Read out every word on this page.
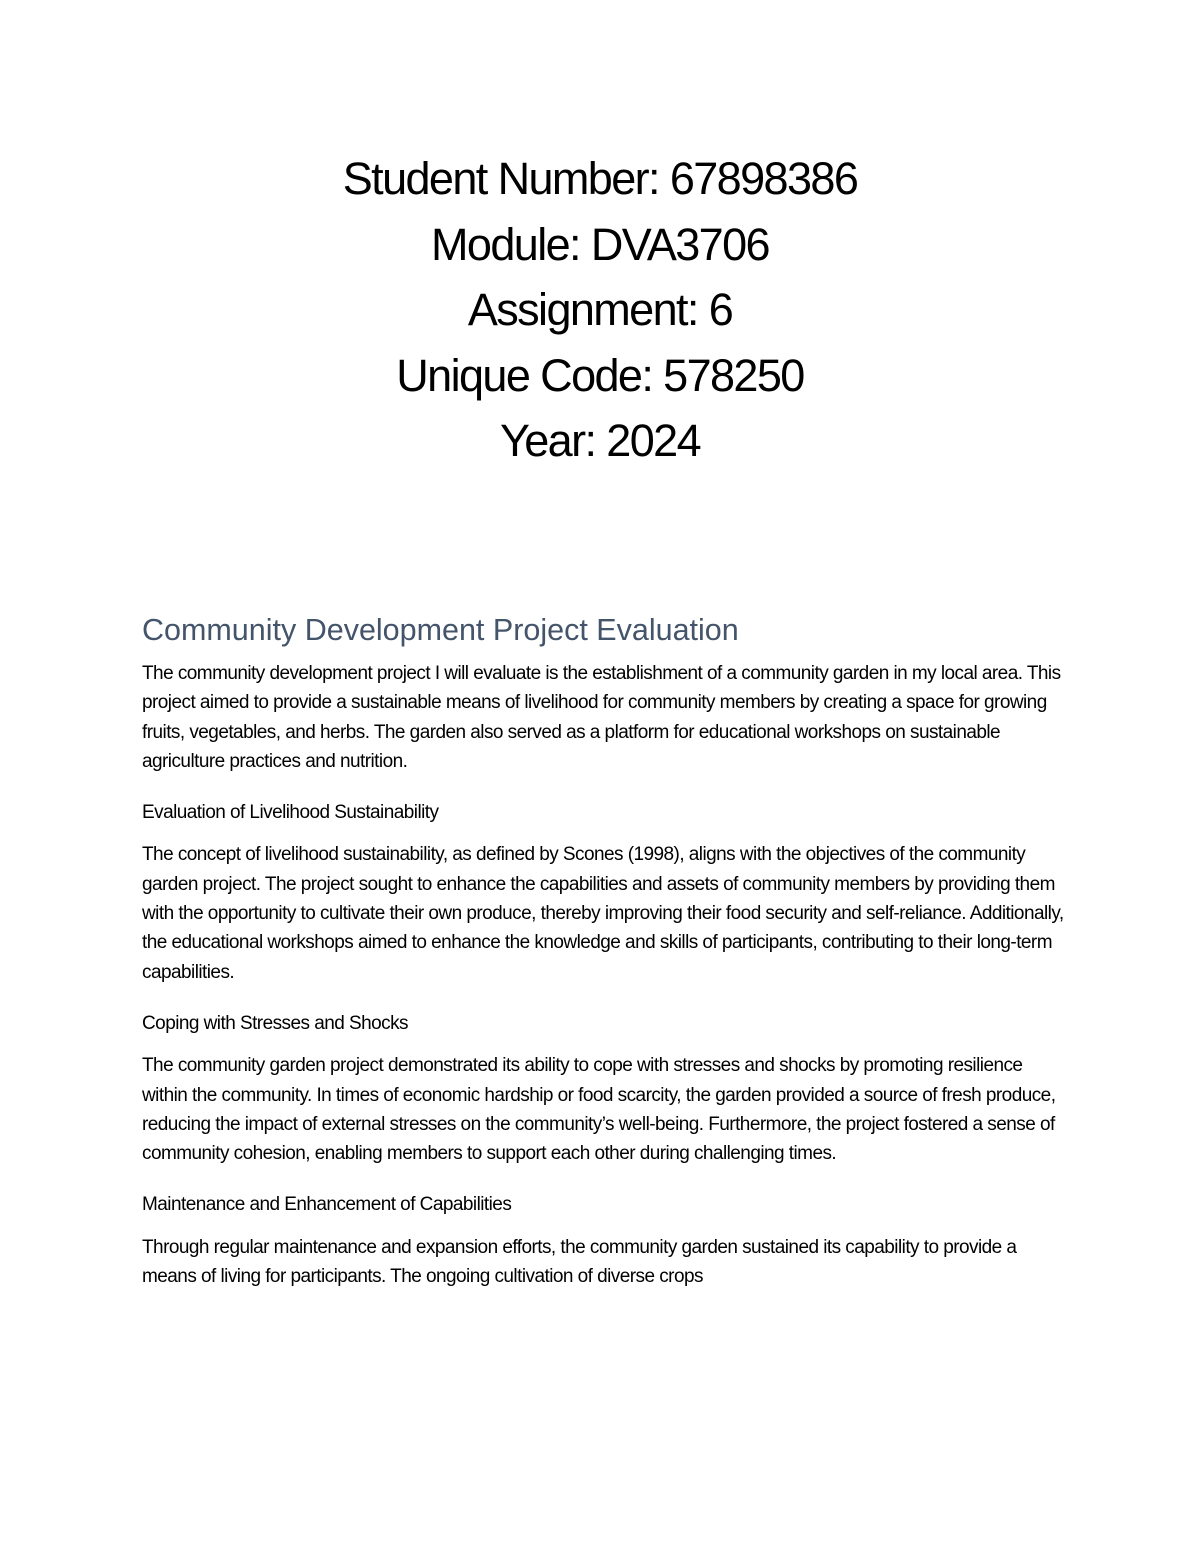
Student Number: 67898386
Module: DVA3706
Assignment: 6
Unique Code: 578250
Year: 2024
Community Development Project Evaluation

The community development project I will evaluate is the establishment of a community garden in my local area. This project aimed to provide a sustainable means of livelihood for community members by creating a space for growing fruits, vegetables, and herbs. The garden also served as a platform for educational workshops on sustainable agriculture practices and nutrition.

Evaluation of Livelihood Sustainability

The concept of livelihood sustainability, as defined by Scones (1998), aligns with the objectives of the community garden project. The project sought to enhance the capabilities and assets of community members by providing them with the opportunity to cultivate their own produce, thereby improving their food security and self-reliance. Additionally, the educational workshops aimed to enhance the knowledge and skills of participants, contributing to their long-term capabilities.

Coping with Stresses and Shocks

The community garden project demonstrated its ability to cope with stresses and shocks by promoting resilience within the community. In times of economic hardship or food scarcity, the garden provided a source of fresh produce, reducing the impact of external stresses on the community’s well-being. Furthermore, the project fostered a sense of community cohesion, enabling members to support each other during challenging times.

Maintenance and Enhancement of Capabilities

Through regular maintenance and expansion efforts, the community garden sustained its capability to provide a means of living for participants. The ongoing cultivation of diverse crops
